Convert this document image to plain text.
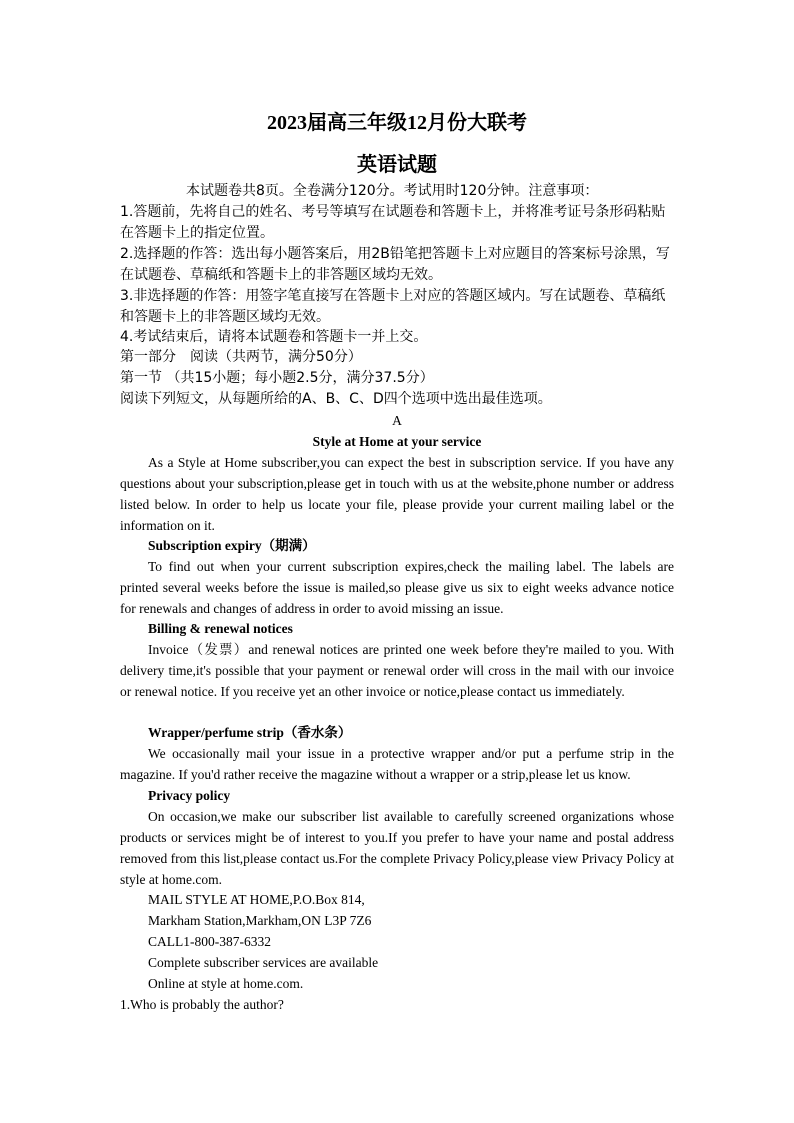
2023届高三年级12月份大联考
英语试题
本试题卷共8页。全卷满分120分。考试用时120分钟。注意事项：
1.答题前，先将自己的姓名、考号等填写在试题卷和答题卡上，并将准考证号条形码粘贴在答题卡上的指定位置。
2.选择题的作答：选出每小题答案后，用2B铅笔把答题卡上对应题目的答案标号涂黑，写在试题卷、草稿纸和答题卡上的非答题区域均无效。
3.非选择题的作答：用签字笔直接写在答题卡上对应的答题区域内。写在试题卷、草稿纸和答题卡上的非答题区域均无效。
4.考试结束后，请将本试题卷和答题卡一并上交。
第一部分　阅读（共两节，满分50分）
第一节 （共15小题；每小题2.5分，满分37.5分）
阅读下列短文，从每题所给的A、B、C、D四个选项中选出最佳选项。
A
Style at Home at your service
As a Style at Home subscriber,you can expect the best in subscription service. If you have any questions about your subscription,please get in touch with us at the website,phone number or address listed below. In order to help us locate your file, please provide your current mailing label or the information on it.
Subscription expiry（期满）
To find out when your current subscription expires,check the mailing label. The labels are printed several weeks before the issue is mailed,so please give us six to eight weeks advance notice for renewals and changes of address in order to avoid missing an issue.
Billing & renewal notices
Invoice（发票）and renewal notices are printed one week before they're mailed to you. With delivery time,it's possible that your payment or renewal order will cross in the mail with our invoice or renewal notice. If you receive yet an other invoice or notice,please contact us immediately.
Wrapper/perfume strip（香水条）
We occasionally mail your issue in a protective wrapper and/or put a perfume strip in the magazine. If you'd rather receive the magazine without a wrapper or a strip,please let us know.
Privacy policy
On occasion,we make our subscriber list available to carefully screened organizations whose products or services might be of interest to you.If you prefer to have your name and postal address removed from this list,please contact us.For the complete Privacy Policy,please view Privacy Policy at style at home.com.
MAIL STYLE AT HOME,P.O.Box 814,
Markham Station,Markham,ON L3P 7Z6
CALL1-800-387-6332
Complete subscriber services are available
Online at style at home.com.
1.Who is probably the author?
